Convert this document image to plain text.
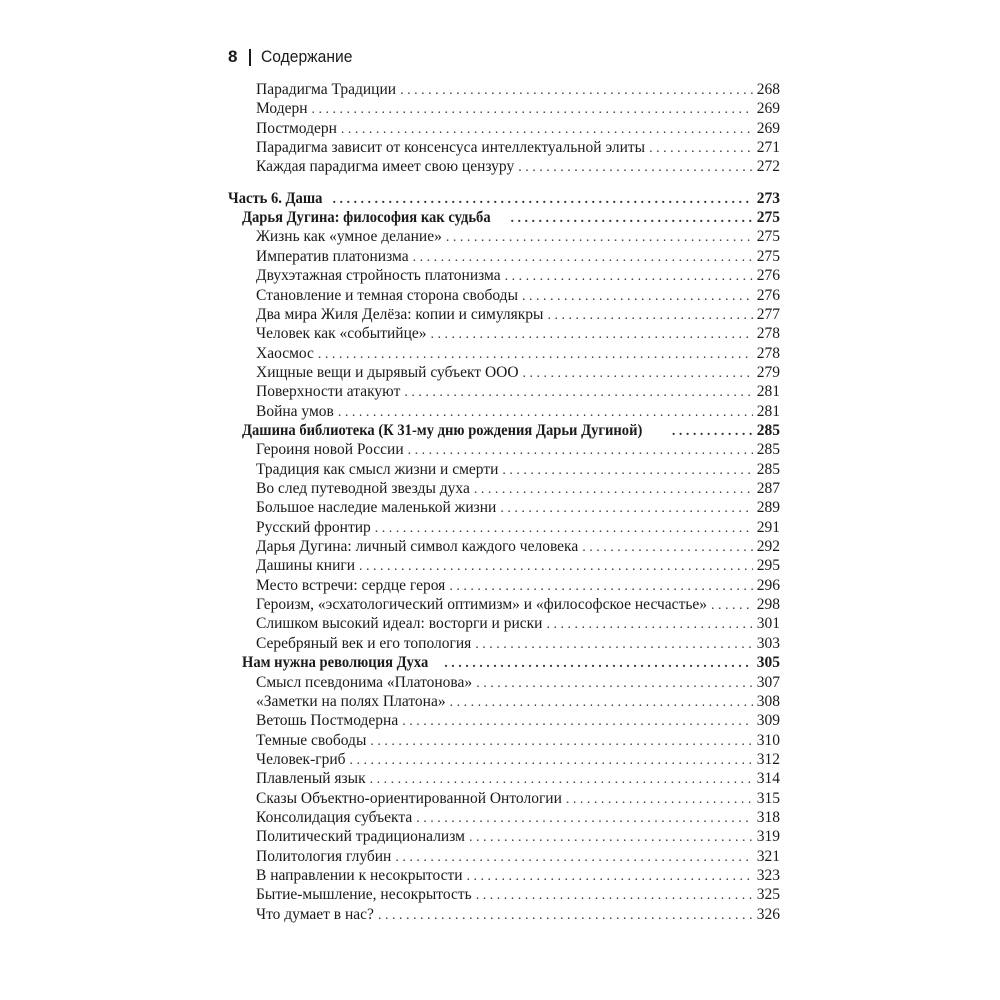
8 Содержание
Парадигма Традиции . . .	268
Модерн . . .	269
Постмодерн . . .	269
Парадигма зависит от консенсуса интеллектуальной элиты . . .	271
Каждая парадигма имеет свою цензуру . . .	272
Часть 6. Даша . . .	273
Дарья Дугина: философия как судьба . . .	275
Жизнь как «умное делание» . . .	275
Императив платонизма . . .	275
Двухэтажная стройность платонизма . . .	276
Становление и темная сторона свободы . . .	276
Два мира Жиля Делёза: копии и симулякры . . .	277
Человек как «событийце» . . .	278
Хаосмос . . .	278
Хищные вещи и дырявый субъект ООО . . .	279
Поверхности атакуют . . .	281
Война умов . . .	281
Дашина библиотека (К 31-му дню рождения Дарьи Дугиной) . . .	285
Героиня новой России . . .	285
Традиция как смысл жизни и смерти . . .	285
Во след путеводной звезды духа . . .	287
Большое наследие маленькой жизни . . .	289
Русский фронтир . . .	291
Дарья Дугина: личный символ каждого человека . . .	292
Дашины книги . . .	295
Место встречи: сердце героя . . .	296
Героизм, «эсхатологический оптимизм» и «философское несчастье» . . .	298
Слишком высокий идеал: восторги и риски . . .	301
Серебряный век и его топология . . .	303
Нам нужна революция Духа . . .	305
Смысл псевдонима «Платонова» . . .	307
«Заметки на полях Платона» . . .	308
Ветошь Постмодерна . . .	309
Темные свободы . . .	310
Человек-гриб . . .	312
Плавленый язык . . .	314
Сказы Объектно-ориентированной Онтологии . . .	315
Консолидация субъекта . . .	318
Политический традиционализм . . .	319
Политология глубин . . .	321
В направлении к несокрытости . . .	323
Бытие-мышление, несокрытость . . .	325
Что думает в нас? . . .	326
